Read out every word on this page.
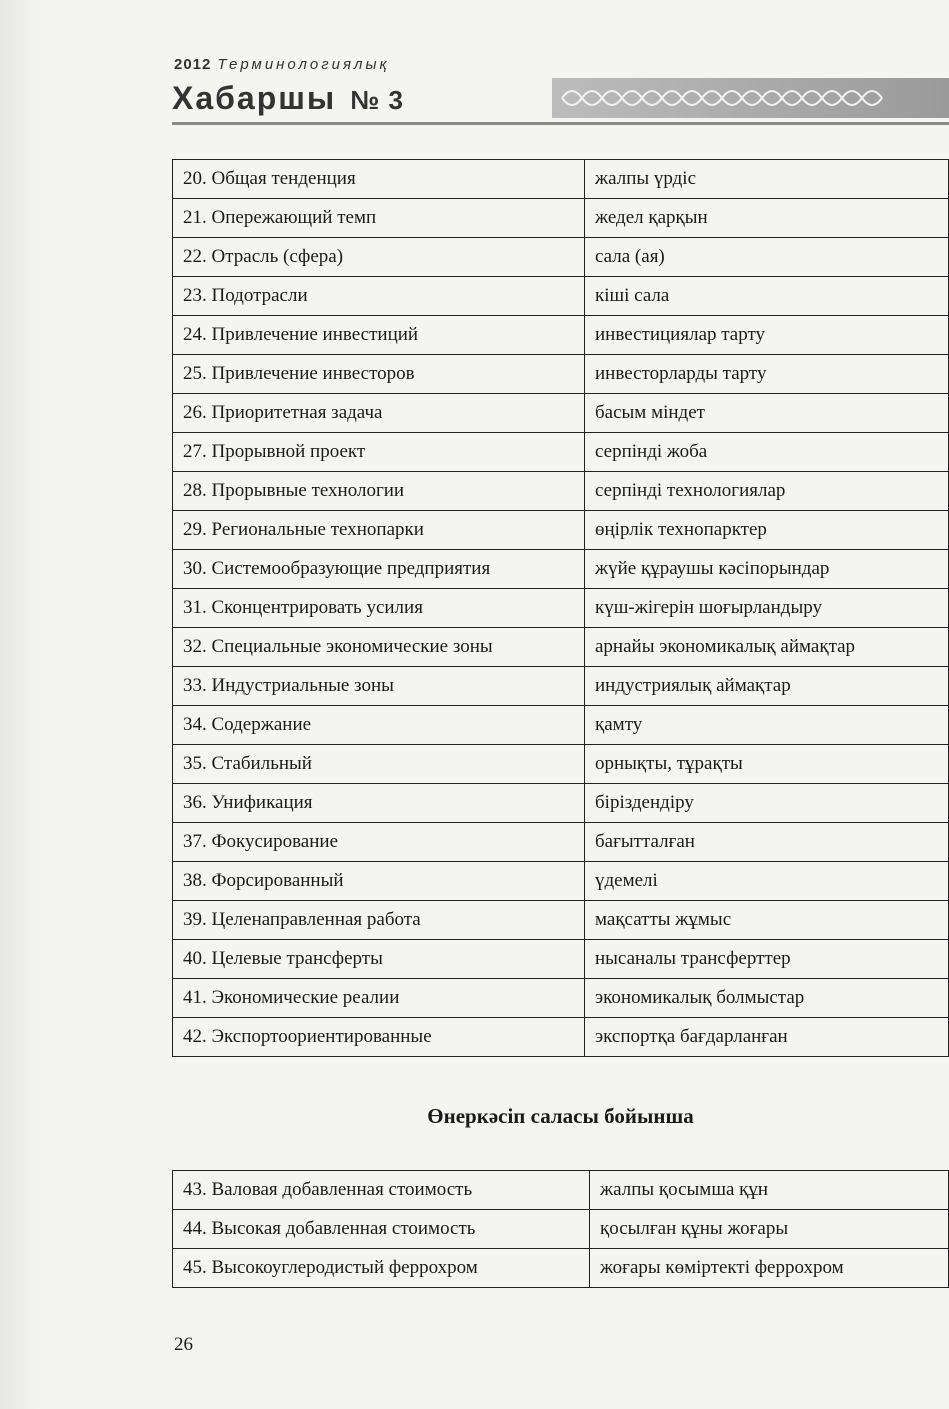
2012 Терминологиялық
Хабаршы № 3
20. Общая тенденция	жалпы үрдіс
21. Опережающий темп	жедел қарқын
22. Отрасль (сфера)	сала (ая)
23. Подотрасли	кіші сала
24. Привлечение инвестиций	инвестициялар тарту
25. Привлечение инвесторов	инвесторларды тарту
26. Приоритетная задача	басым міндет
27. Прорывной проект	серпінді жоба
28. Прорывные технологии	серпінді технологиялар
29. Региональные технопарки	өңірлік технопарктер
30. Системообразующие предприятия	жүйе құраушы кәсіпорындар
31. Сконцентрировать усилия	күш-жігерін шоғырландыру
32. Специальные экономические зоны	арнайы экономикалық аймақтар
33. Индустриальные зоны	индустриялық аймақтар
34. Содержание	қамту
35. Стабильный	орнықты, тұрақты
36. Унификация	біріздендіру
37. Фокусирование	бағытталған
38. Форсированный	үдемелі
39. Целенаправленная работа	мақсатты жұмыс
40. Целевые трансферты	нысаналы трансферттер
41. Экономические реалии	экономикалық болмыстар
42. Экспортоориентированные	экспортқа бағдарланған
Өнеркәсіп саласы бойынша
43. Валовая добавленная стоимость	жалпы қосымша құн
44. Высокая добавленная стоимость	қосылған құны жоғары
45. Высокоуглеродистый феррохром	жоғары көміртекті феррохром
26
